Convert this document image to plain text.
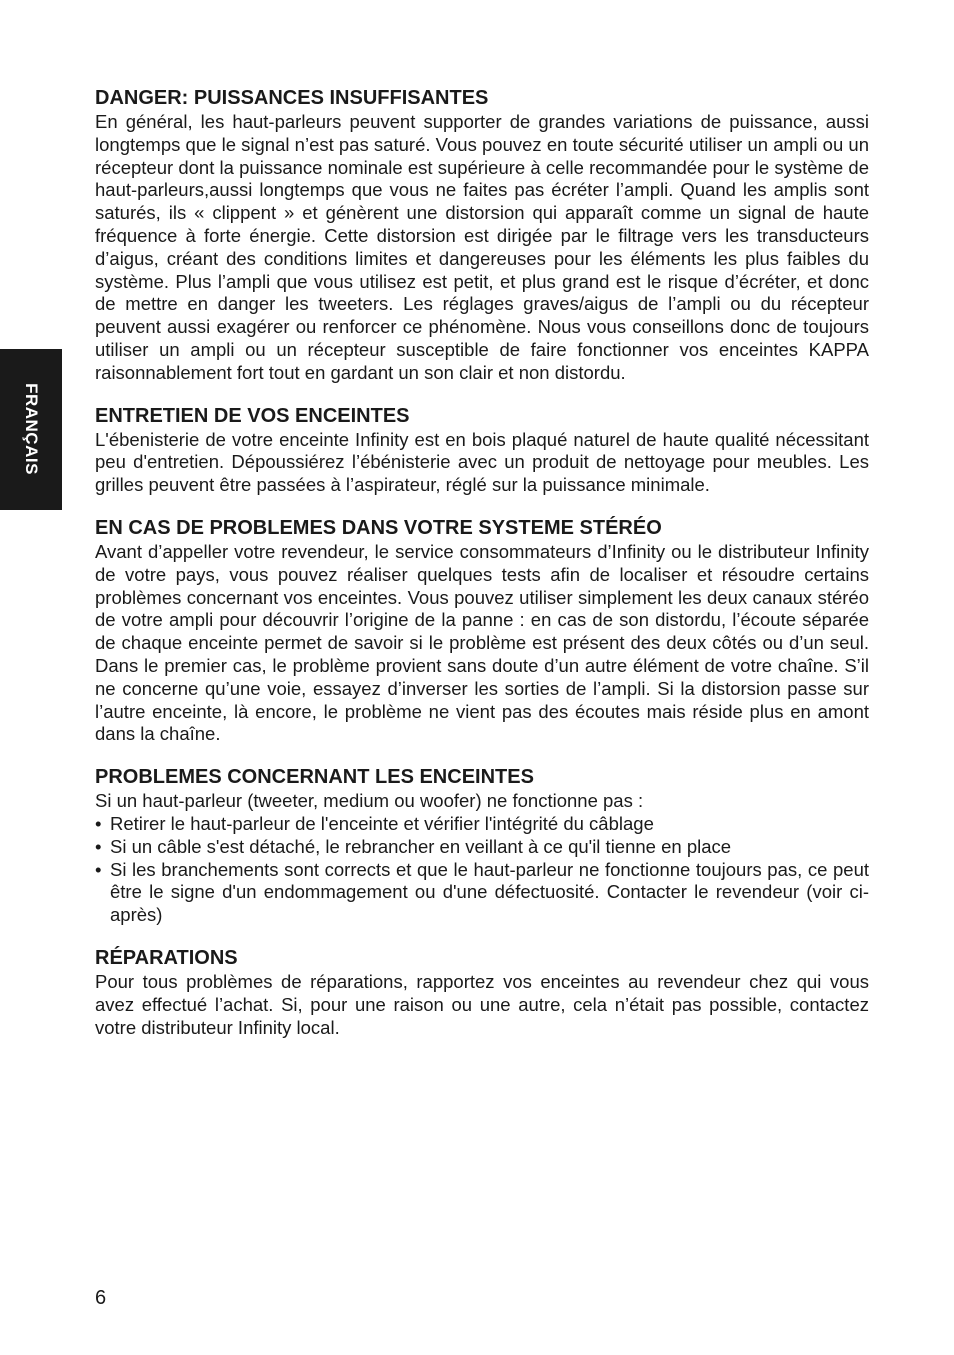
FRANÇAIS
DANGER: PUISSANCES INSUFFISANTES

En général, les haut-parleurs peuvent supporter de grandes variations de puissance, aussi longtemps que le signal n’est pas saturé. Vous pouvez en toute sécurité utiliser un ampli ou un récepteur dont la puissance nominale est supérieure à celle recommandée pour le système de haut-parleurs,aussi longtemps que vous ne faites pas écréter l’ampli. Quand les amplis sont saturés, ils « clippent » et génèrent une distorsion qui apparaît comme un signal de haute fréquence à forte énergie. Cette distorsion est dirigée par le filtrage vers les transducteurs d’aigus, créant des conditions limites et dangereuses pour les éléments les plus faibles du système. Plus l’ampli que vous utilisez est petit, et plus grand est le risque d’écréter, et donc de mettre en danger les tweeters. Les réglages graves/aigus de l’ampli ou du récepteur peuvent aussi exagérer ou renforcer ce phénomène. Nous vous conseillons donc de toujours utiliser un ampli ou un récepteur susceptible de faire fonctionner vos enceintes KAPPA raisonnablement fort tout en gardant un son clair et non distordu.

ENTRETIEN DE VOS ENCEINTES

L'ébenisterie de votre enceinte Infinity est en bois plaqué naturel de haute qualité nécessitant peu d'entretien. Dépoussiérez l’ébénisterie avec un produit de nettoyage pour meubles. Les grilles peuvent être passées à l’aspirateur, réglé sur la puissance minimale.

EN CAS DE PROBLEMES DANS VOTRE SYSTEME STÉRÉO

Avant d’appeller votre revendeur, le service consommateurs d’Infinity ou le distributeur Infinity de votre pays, vous pouvez réaliser quelques tests afin de localiser et résoudre certains problèmes concernant vos enceintes. Vous pouvez utiliser simplement les deux canaux stéréo de votre ampli pour découvrir l’origine de la panne : en cas de son distordu, l’écoute séparée de chaque enceinte permet de savoir si le problème est présent des deux côtés ou d’un seul. Dans le premier cas, le problème provient sans doute d’un autre élément de votre chaîne. S’il ne concerne qu’une voie, essayez d’inverser les sorties de l’ampli. Si la distorsion passe sur l’autre enceinte, là encore, le problème ne vient pas des écoutes mais réside plus en amont dans la chaîne.

PROBLEMES CONCERNANT LES ENCEINTES

Si un haut-parleur (tweeter, medium ou woofer) ne fonctionne pas :

• Retirer le haut-parleur de l'enceinte et vérifier l'intégrité du câblage
• Si un câble s'est détaché, le rebrancher en veillant à ce qu'il tienne en place
• Si les branchements sont corrects et que le haut-parleur ne fonctionne toujours pas, ce peut être le signe d'un endommagement ou d'une défectuosité. Contacter le revendeur (voir ci-après)
RÉPARATIONS

Pour tous problèmes de réparations, rapportez vos enceintes au revendeur chez qui vous avez effectué l’achat. Si, pour une raison ou une autre, cela n’était pas possible, contactez votre distributeur Infinity local.

6
